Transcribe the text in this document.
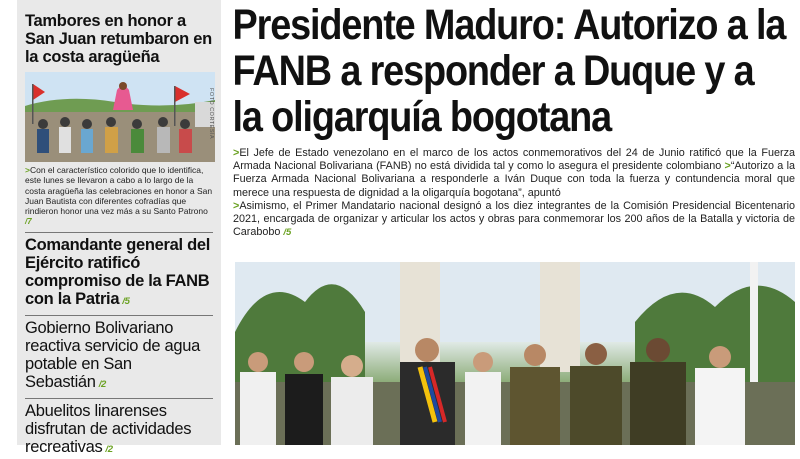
Tambores en honor a San Juan retumbaron en la costa aragüeña
FOTO CORTESÍA
>Con el característico colorido que lo identifica, este lunes se llevaron a cabo a lo largo de la costa aragüeña las celebraciones en honor a San Juan Bautista con diferentes cofradías que rindieron honor una vez más a su Santo Patrono /7
Comandante general del Ejército ratificó compromiso de la FANB con la Patria /5
Gobierno Bolivariano reactiva servicio de agua potable en San Sebastián /2
Abuelitos linarenses disfrutan de actividades recreativas /2
Presidente Maduro: Autorizo a la FANB a responder a Duque y a la oligarquía bogotana
>El Jefe de Estado venezolano en el marco de los actos conmemorativos del 24 de Junio ratificó que la Fuerza Armada Nacional Bolivariana (FANB) no está dividida tal y como lo asegura el presidente colombiano >“Autorizo a la Fuerza Armada Nacional Bolivariana a responderle a Iván Duque con toda la fuerza y contundencia moral que merece una respuesta de dignidad a la oligarquía bogotana”, apuntó
>Asimismo, el Primer Mandatario nacional designó a los diez integrantes de la Comisión Presidencial Bicentenario 2021, encargada de organizar y articular los actos y obras para conmemorar los 200 años de la Batalla y victoria de Carabobo /5
